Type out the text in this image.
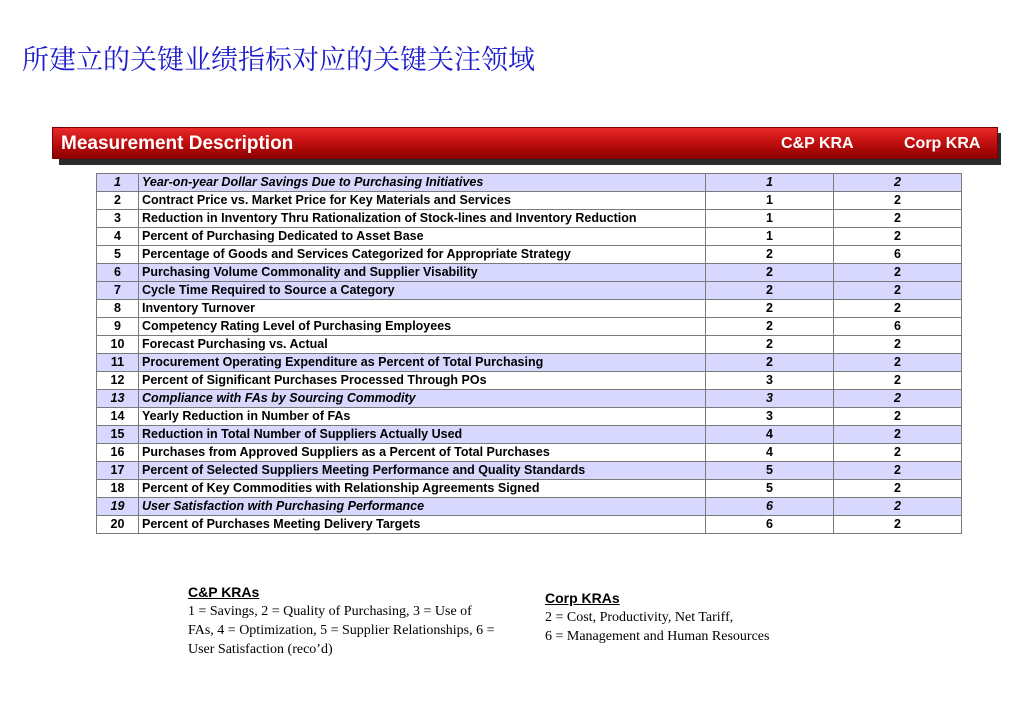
所建立的关键业绩指标对应的关键关注领域
Measurement Description	C&P KRA	Corp KRA
1	Year-on-year Dollar Savings Due to Purchasing Initiatives	1	2
2	Contract Price vs. Market Price for Key Materials and Services	1	2
3	Reduction in Inventory Thru Rationalization of Stock-lines and Inventory Reduction	1	2
4	Percent of Purchasing Dedicated to Asset Base	1	2
5	Percentage of Goods and Services Categorized for Appropriate Strategy	2	6
6	Purchasing Volume Commonality and Supplier Visability	2	2
7	Cycle Time Required to Source a Category	2	2
8	Inventory Turnover	2	2
9	Competency Rating Level of Purchasing Employees	2	6
10	Forecast Purchasing vs. Actual	2	2
11	Procurement Operating Expenditure as Percent of Total Purchasing	2	2
12	Percent of Significant Purchases Processed Through POs	3	2
13	Compliance with FAs by Sourcing Commodity	3	2
14	Yearly Reduction in Number of FAs	3	2
15	Reduction in Total Number of Suppliers Actually Used	4	2
16	Purchases from Approved Suppliers as a Percent of Total Purchases	4	2
17	Percent of Selected Suppliers Meeting Performance and Quality Standards	5	2
18	Percent of Key Commodities with Relationship Agreements Signed	5	2
19	User Satisfaction with Purchasing Performance	6	2
20	Percent of Purchases Meeting Delivery Targets	6	2
C&P KRAs
1 = Savings, 2 = Quality of Purchasing, 3 = Use of FAs, 4 = Optimization, 5 = Supplier Relationships, 6 = User Satisfaction (reco’d)
Corp KRAs
2 = Cost, Productivity, Net Tariff,
6 = Management and Human Resources
